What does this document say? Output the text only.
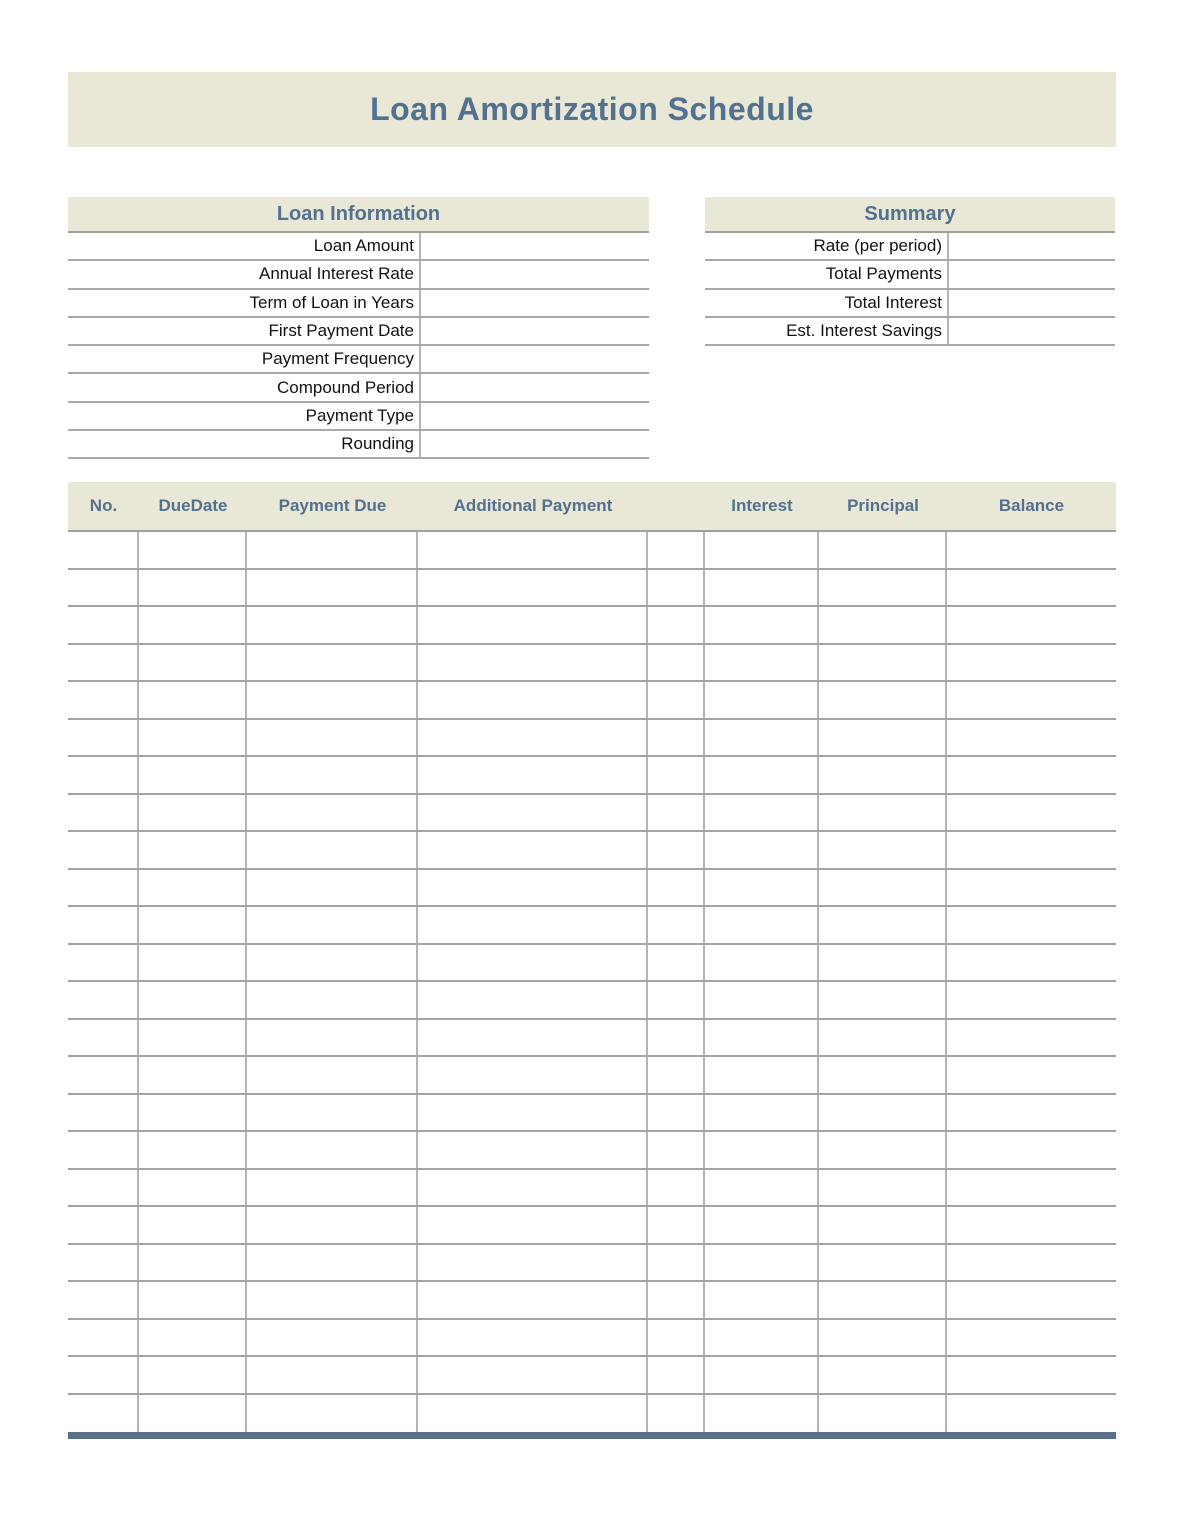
Loan Amortization Schedule
Loan Information
Loan Amount
Annual Interest Rate
Term of Loan in Years
First Payment Date
Payment Frequency
Compound Period
Payment Type
Rounding
Summary
Rate (per period)
Total Payments
Total Interest
Est. Interest Savings
No.	DueDate	Payment Due	Additional Payment	Interest	Principal	Balance
